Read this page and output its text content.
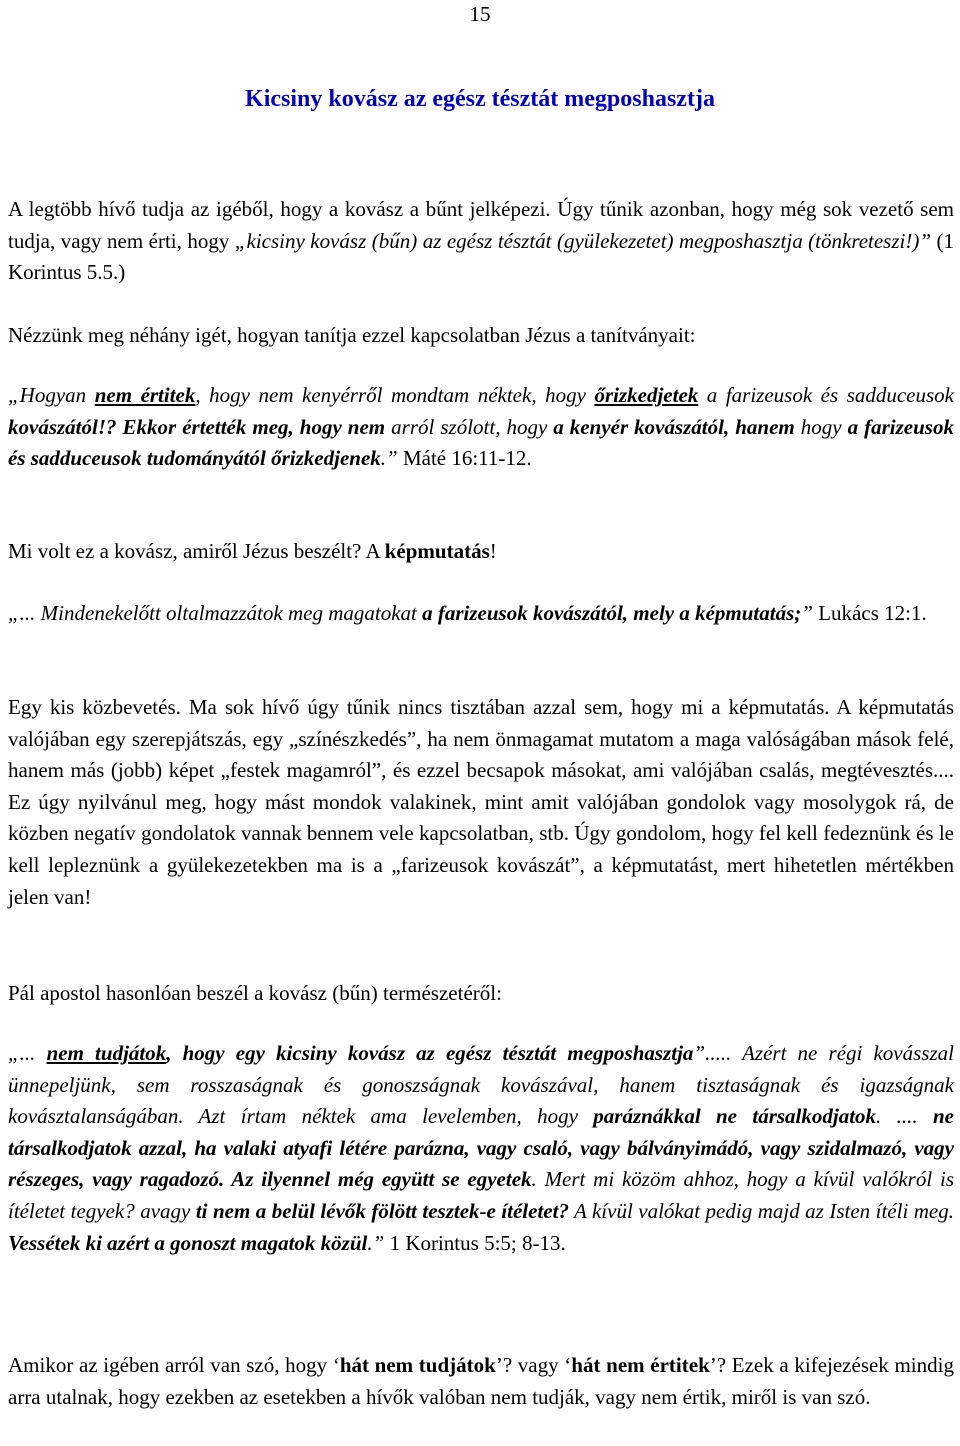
15
Kicsiny kovász az egész tésztát megposhasztja

A legtöbb hívő tudja az igéből, hogy a kovász a bűnt jelképezi. Úgy tűnik azonban, hogy még sok vezető sem tudja, vagy nem érti, hogy „kicsiny kovász (bűn) az egész tésztát (gyülekezetet) megposhasztja (tönkreteszi!)” (1 Korintus 5.5.)

Nézzünk meg néhány igét, hogyan tanítja ezzel kapcsolatban Jézus a tanítványait:

„Hogyan nem értitek, hogy nem kenyérről mondtam néktek, hogy őrizkedjetek a farizeusok és sadduceusok kovászától!? Ekkor értették meg, hogy nem arról szólott, hogy a kenyér kovászától, hanem hogy a farizeusok és sadduceusok tudományától őrizkedjenek.” Máté 16:11-12.

Mi volt ez a kovász, amiről Jézus beszélt? A képmutatás!

„... Mindenekelőtt oltalmazzátok meg magatokat a farizeusok kovászától, mely a képmutatás;” Lukács 12:1.

Egy kis közbevetés. Ma sok hívő úgy tűnik nincs tisztában azzal sem, hogy mi a képmutatás. A képmutatás valójában egy szerepjátszás, egy „színészkedés”, ha nem önmagamat mutatom a maga valóságában mások felé, hanem más (jobb) képet „festek magamról”, és ezzel becsapok másokat, ami valójában csalás, megtévesztés.... Ez úgy nyilvánul meg, hogy mást mondok valakinek, mint amit valójában gondolok vagy mosolygok rá, de közben negatív gondolatok vannak bennem vele kapcsolatban, stb. Úgy gondolom, hogy fel kell fedeznünk és le kell lepleznünk a gyülekezetekben ma is a „farizeusok kovászát”, a képmutatást, mert hihetetlen mértékben jelen van!

Pál apostol hasonlóan beszél a kovász (bűn) természetéről:

„... nem tudjátok, hogy egy kicsiny kovász az egész tésztát megposhasztja”..... Azért ne régi kovásszal ünnepeljünk, sem rosszaságnak és gonoszságnak kovászával, hanem tisztaságnak és igazságnak kovásztalanságában. Azt írtam néktek ama levelemben, hogy paráznákkal ne társalkodjatok. .... ne társalkodjatok azzal, ha valaki atyafi létére parázna, vagy csaló, vagy bálványimádó, vagy szidalmazó, vagy részeges, vagy ragadozó. Az ilyennel még együtt se egyetek. Mert mi közöm ahhoz, hogy a kívül valókról is ítéletet tegyek? avagy ti nem a belül lévők fölött tesztek-e ítéletet? A kívül valókat pedig majd az Isten ítéli meg. Vessétek ki azért a gonoszt magatok közül.” 1 Korintus 5:5; 8-13.

Amikor az igében arról van szó, hogy ‘hát nem tudjátok’? vagy ‘hát nem értitek’? Ezek a kifejezések mindig arra utalnak, hogy ezekben az esetekben a hívők valóban nem tudják, vagy nem értik, miről is van szó.
